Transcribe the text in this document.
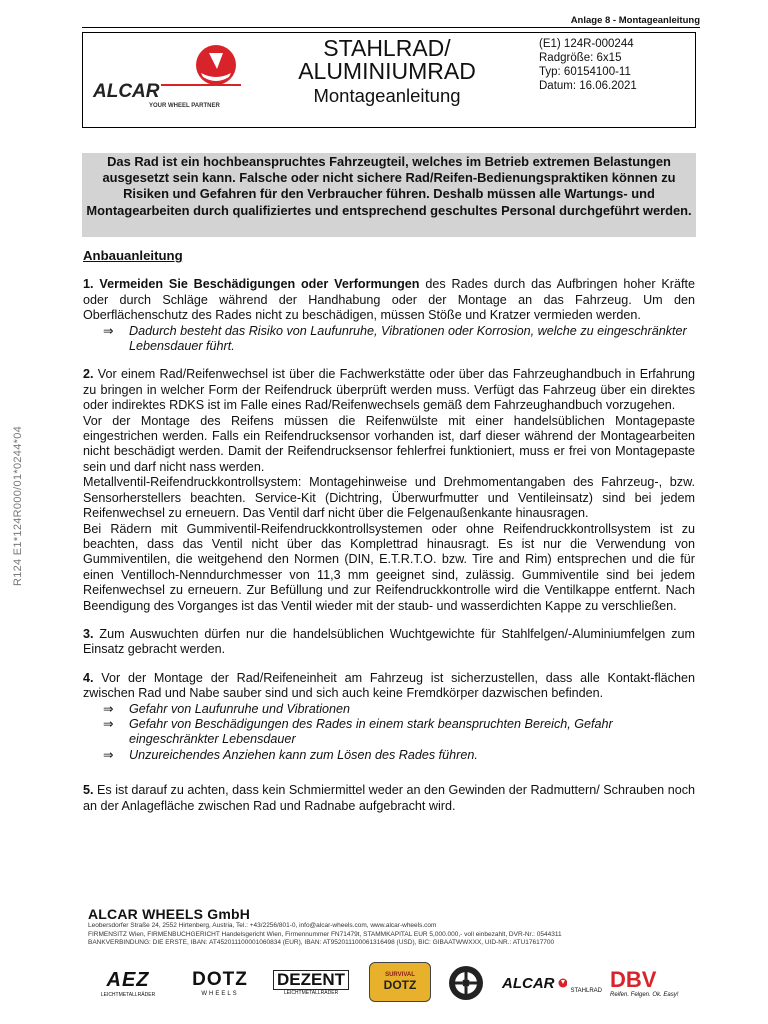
Anlage 8 - Montageanleitung
R124 E1*124R000/01*0244*04
ALCAR
YOUR WHEEL PARTNER
STAHLRAD/
ALUMINIUMRAD
Montageanleitung
(E1) 124R-000244
Radgröße: 6x15
Typ: 60154100-11
Datum: 16.06.2021
Das Rad ist ein hochbeanspruchtes Fahrzeugteil, welches im Betrieb extremen Belastungen ausgesetzt sein kann. Falsche oder nicht sichere Rad/Reifen-Bedienungspraktiken können zu Risiken und Gefahren für den Verbraucher führen. Deshalb müssen alle Wartungs- und Montagearbeiten durch qualifiziertes und entsprechend geschultes Personal durchgeführt werden.

Anbauanleitung

1. Vermeiden Sie Beschädigungen oder Verformungen des Rades durch das Aufbringen hoher Kräfte oder durch Schläge während der Handhabung oder der Montage an das Fahrzeug. Um den Oberflächenschutz des Rades nicht zu beschädigen, müssen Stöße und Kratzer vermieden werden.

⇒ Dadurch besteht das Risiko von Laufunruhe, Vibrationen oder Korrosion, welche zu eingeschränkter Lebensdauer führt.

2. Vor einem Rad/Reifenwechsel ist über die Fachwerkstätte oder über das Fahrzeughandbuch in Erfahrung zu bringen in welcher Form der Reifendruck überprüft werden muss. Verfügt das Fahrzeug über ein direktes oder indirektes RDKS ist im Falle eines Rad/Reifenwechsels gemäß dem Fahrzeughandbuch vorzugehen.

Vor der Montage des Reifens müssen die Reifenwülste mit einer handelsüblichen Montagepaste eingestrichen werden. Falls ein Reifendrucksensor vorhanden ist, darf dieser während der Montagearbeiten nicht beschädigt werden. Damit der Reifendrucksensor fehlerfrei funktioniert, muss er frei von Montagepaste sein und darf nicht nass werden.

Metallventil-Reifendruckkontrollsystem: Montagehinweise und Drehmomentangaben des Fahrzeug-, bzw. Sensorherstellers beachten. Service-Kit (Dichtring, Überwurfmutter und Ventileinsatz) sind bei jedem Reifenwechsel zu erneuern. Das Ventil darf nicht über die Felgenaußenkante hinausragen.

Bei Rädern mit Gummiventil-Reifendruckkontrollsystemen oder ohne Reifendruckkontrollsystem ist zu beachten, dass das Ventil nicht über das Komplettrad hinausragt. Es ist nur die Verwendung von Gummiventilen, die weitgehend den Normen (DIN, E.T.R.T.O. bzw. Tire and Rim) entsprechen und die für einen Ventilloch-Nenndurchmesser von 11,3 mm geeignet sind, zulässig. Gummiventile sind bei jedem Reifenwechsel zu erneuern. Zur Befüllung und zur Reifendruckkontrolle wird die Ventilkappe entfernt. Nach Beendigung des Vorganges ist das Ventil wieder mit der staub- und wasserdichten Kappe zu verschließen.

3. Zum Auswuchten dürfen nur die handelsüblichen Wuchtgewichte für Stahlfelgen/-Aluminiumfelgen zum Einsatz gebracht werden.

4. Vor der Montage der Rad/Reifeneinheit am Fahrzeug ist sicherzustellen, dass alle Kontakt-flächen zwischen Rad und Nabe sauber sind und sich auch keine Fremdkörper dazwischen befinden.

⇒ Gefahr von Laufunruhe und Vibrationen

⇒ Gefahr von Beschädigungen des Rades in einem stark beanspruchten Bereich, Gefahr eingeschränkter Lebensdauer

⇒ Unzureichendes Anziehen kann zum Lösen des Rades führen.

5. Es ist darauf zu achten, dass kein Schmiermittel weder an den Gewinden der Radmuttern/ Schrauben noch an der Anlagefläche zwischen Rad und Radnabe aufgebracht wird.

ALCAR WHEELS GmbH
Leobersdorfer Straße 24, 2552 Hirtenberg, Austria, Tel.: +43/2256/801-0, info@alcar-wheels.com, www.alcar-wheels.com
FIRMENSITZ Wien, FIRMENBUCHGERICHT Handelsgericht Wien, Firmennummer FN71479t, STAMMKAPITAL EUR 5,000.000,- voll einbezahlt, DVR-Nr.: 0544311
BANKVERBINDUNG: DIE ERSTE, IBAN: AT452011100001060834 (EUR), IBAN: AT952011100061316498 (USD), BIC: GIBAATWWXXX, UID-NR.: ATU17617700
AEZ
LEICHTMETALLRÄDER
DOTZ
WHEELS
DEZENT
LEICHTMETALLRÄDER
SURVIVAL
DOTZ	ALCAR	STAHLRAD DBV
Reifen. Felgen. Ok. Easy!
